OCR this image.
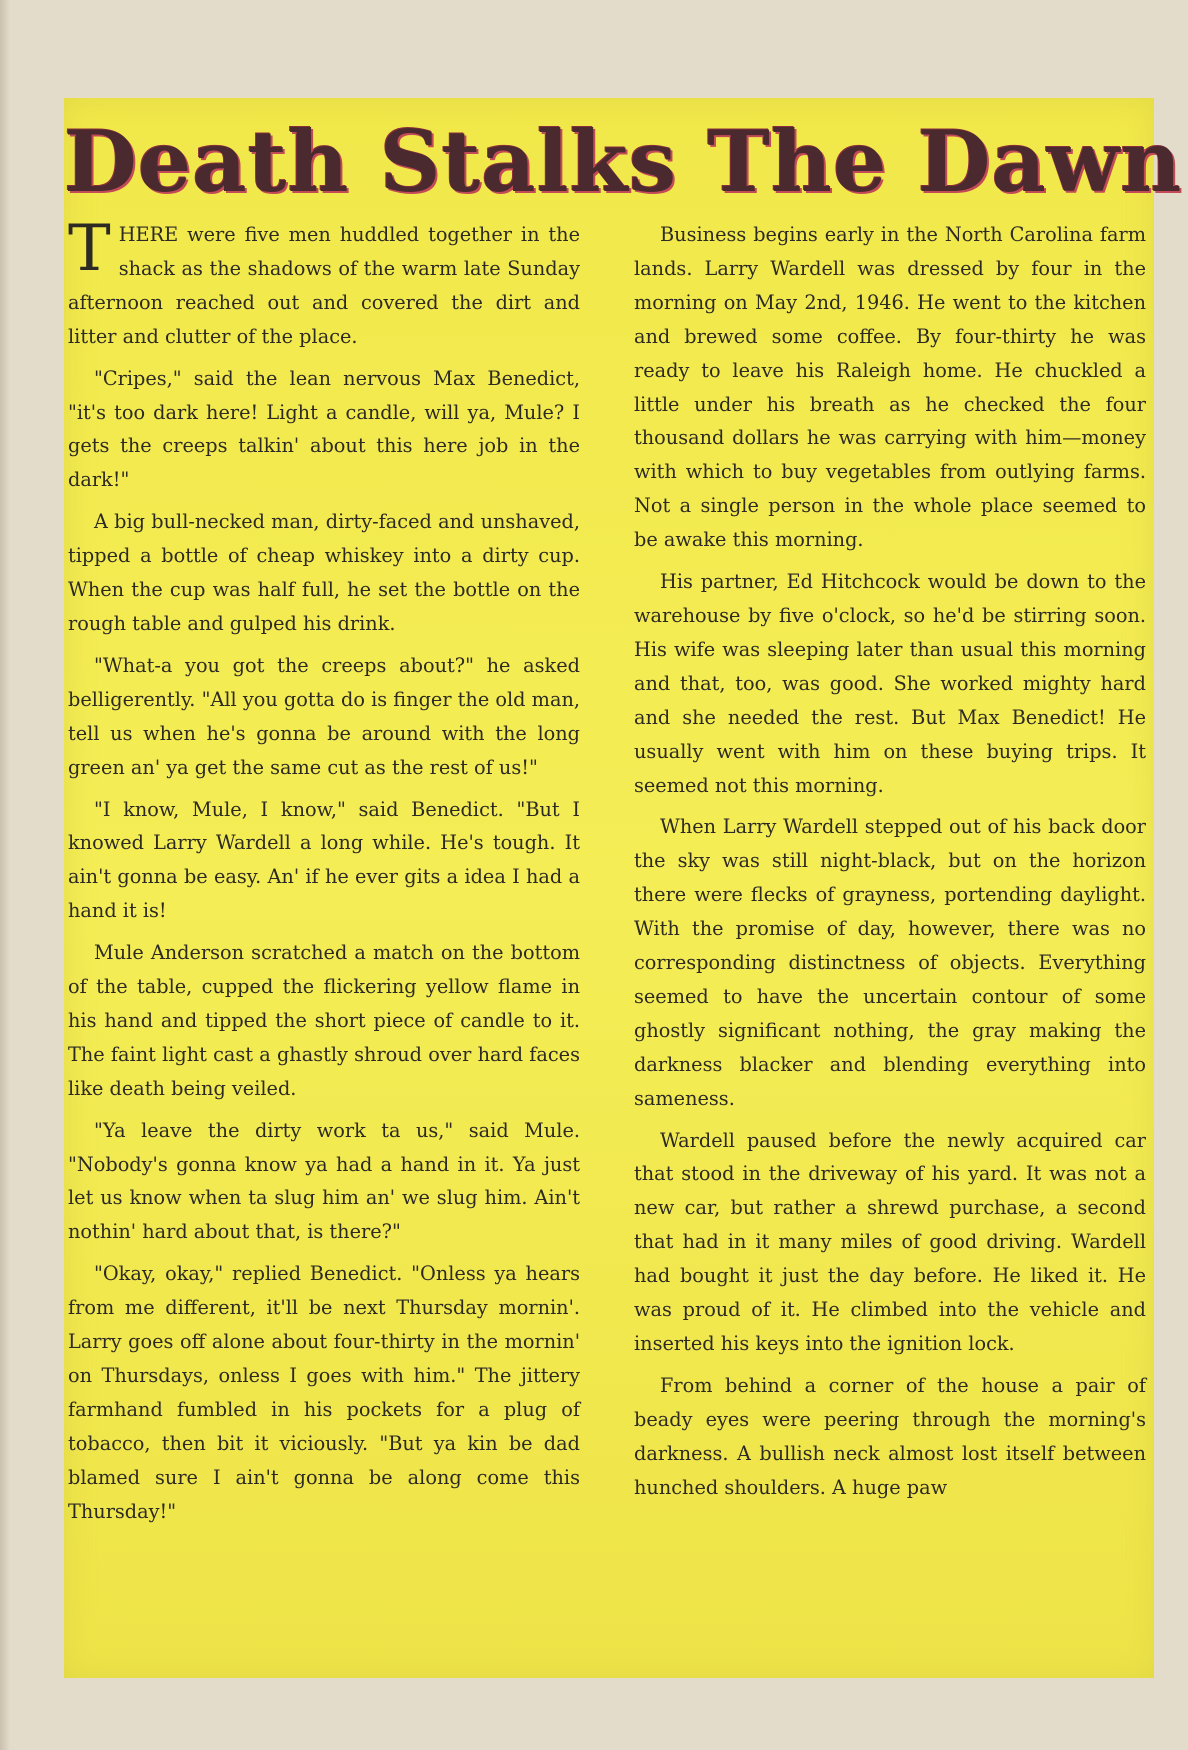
Death Stalks The Dawn

THERE were five men huddled together in the shack as the shadows of the warm late Sunday afternoon reached out and covered the dirt and litter and clutter of the place.

"Cripes," said the lean nervous Max Benedict, "it's too dark here! Light a candle, will ya, Mule? I gets the creeps talkin' about this here job in the dark!"

A big bull-necked man, dirty-faced and unshaved, tipped a bottle of cheap whiskey into a dirty cup. When the cup was half full, he set the bottle on the rough table and gulped his drink.

"What-a you got the creeps about?" he asked belligerently. "All you gotta do is finger the old man, tell us when he's gonna be around with the long green an' ya get the same cut as the rest of us!"

"I know, Mule, I know," said Benedict. "But I knowed Larry Wardell a long while. He's tough. It ain't gonna be easy. An' if he ever gits a idea I had a hand it is!

Mule Anderson scratched a match on the bottom of the table, cupped the flickering yellow flame in his hand and tipped the short piece of candle to it. The faint light cast a ghastly shroud over hard faces like death being veiled.

"Ya leave the dirty work ta us," said Mule. "Nobody's gonna know ya had a hand in it. Ya just let us know when ta slug him an' we slug him. Ain't nothin' hard about that, is there?"

"Okay, okay," replied Benedict. "Onless ya hears from me different, it'll be next Thursday mornin'. Larry goes off alone about four-thirty in the mornin' on Thursdays, onless I goes with him." The jittery farmhand fumbled in his pockets for a plug of tobacco, then bit it viciously. "But ya kin be dad blamed sure I ain't gonna be along come this Thursday!"

Business begins early in the North Carolina farm lands. Larry Wardell was dressed by four in the morning on May 2nd, 1946. He went to the kitchen and brewed some coffee. By four-thirty he was ready to leave his Raleigh home. He chuckled a little under his breath as he checked the four thousand dollars he was carrying with him—money with which to buy vegetables from outlying farms. Not a single person in the whole place seemed to be awake this morning.

His partner, Ed Hitchcock would be down to the warehouse by five o'clock, so he'd be stirring soon. His wife was sleeping later than usual this morning and that, too, was good. She worked mighty hard and she needed the rest. But Max Benedict! He usually went with him on these buying trips. It seemed not this morning.

When Larry Wardell stepped out of his back door the sky was still night-black, but on the horizon there were flecks of grayness, portending daylight. With the promise of day, however, there was no corresponding distinctness of objects. Everything seemed to have the uncertain contour of some ghostly significant nothing, the gray making the darkness blacker and blending everything into sameness.

Wardell paused before the newly acquired car that stood in the driveway of his yard. It was not a new car, but rather a shrewd purchase, a second that had in it many miles of good driving. Wardell had bought it just the day before. He liked it. He was proud of it. He climbed into the vehicle and inserted his keys into the ignition lock.

From behind a corner of the house a pair of beady eyes were peering through the morning's darkness. A bullish neck almost lost itself between hunched shoulders. A huge paw
